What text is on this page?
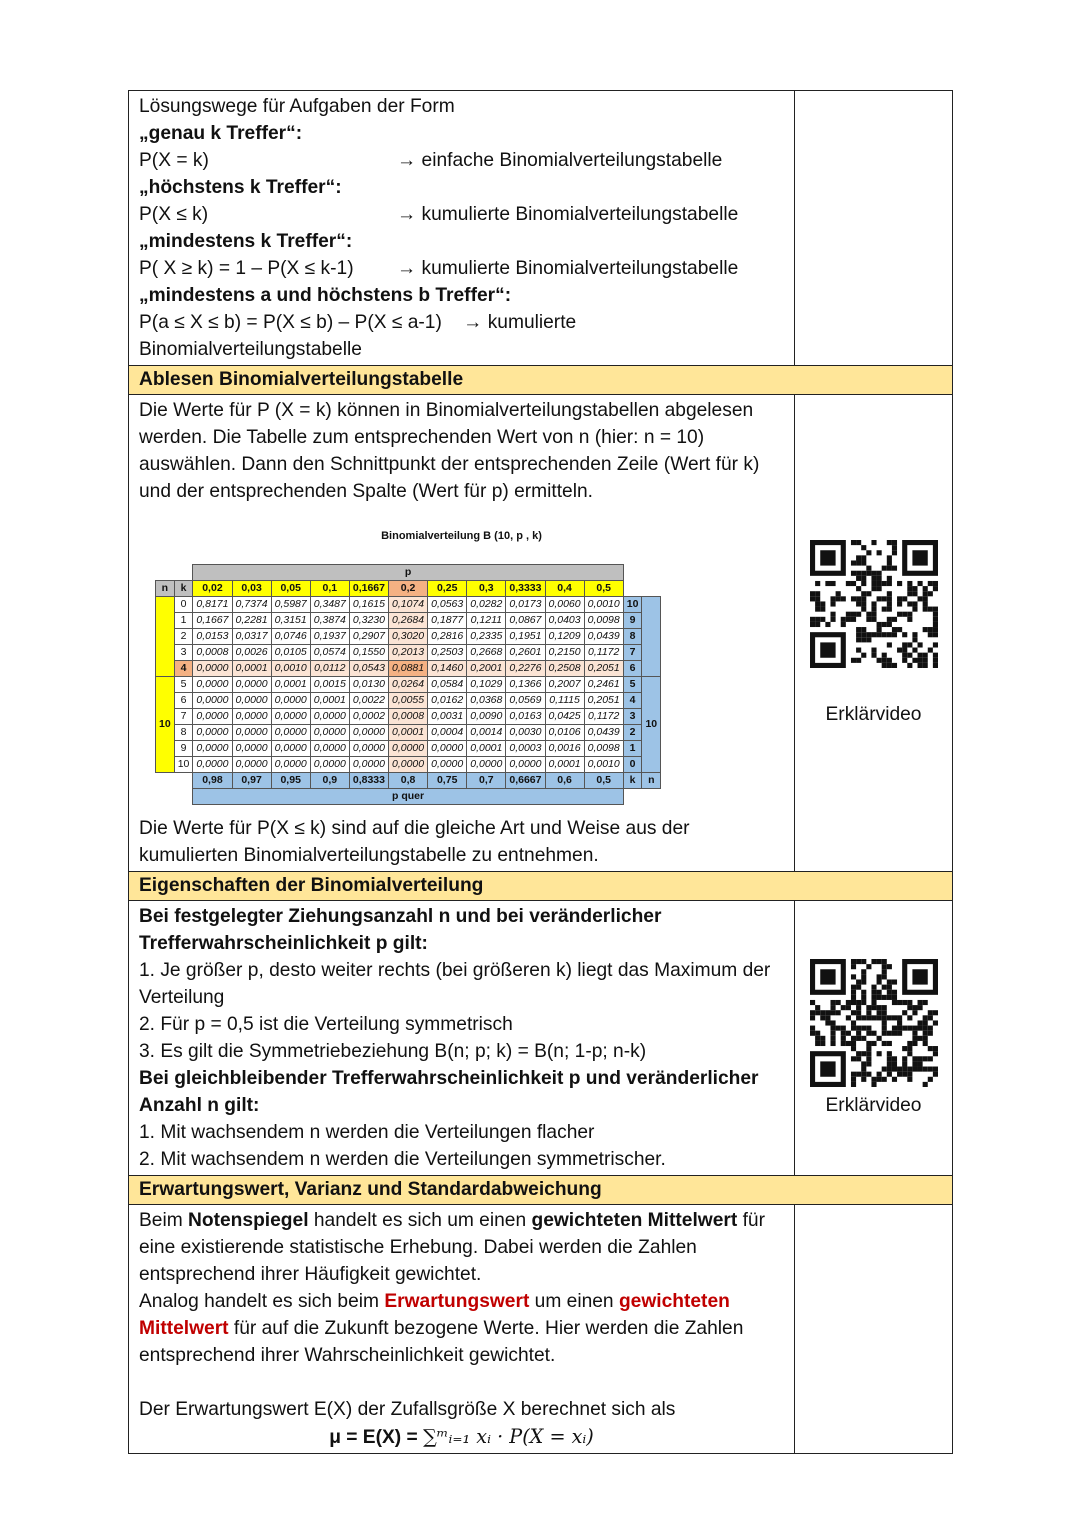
Lösungswege für Aufgaben der Form
„genau k Treffer“:
P(X = k)	→ einfache Binomialverteilungstabelle
„höchstens k Treffer“:
P(X ≤ k)	→ kumulierte Binomialverteilungstabelle
„mindestens k Treffer“:
P( X ≥ k) = 1 – P(X ≤ k-1) → kumulierte Binomialverteilungstabelle
„mindestens a und höchstens b Treffer“:
P(a ≤ X ≤ b) = P(X ≤ b) – P(X ≤ a-1) → kumulierte
Binomialverteilungstabelle
Ablesen Binomialverteilungstabelle
Die Werte für P (X = k) können in Binomialverteilungstabellen abgelesen werden. Die Tabelle zum entsprechenden Wert von n (hier: n = 10) auswählen. Dann den Schnittpunkt der entsprechenden Zeile (Wert für k) und der entsprechenden Spalte (Wert für p) ermitteln.
Binomialverteilung B (10, p , k)
		p												
n	k	0,02	0,03	0,05	0,1	0,1667	0,2	0,25	0,3	0,3333	0,4	0,5		
	0	0,8171	0,7374	0,5987	0,3487	0,1615	0,1074	0,0563	0,0282	0,0173	0,0060	0,0010	10	
	1	0,1667	0,2281	0,3151	0,3874	0,3230	0,2684	0,1877	0,1211	0,0867	0,0403	0,0098	9	
	2	0,0153	0,0317	0,0746	0,1937	0,2907	0,3020	0,2816	0,2335	0,1951	0,1209	0,0439	8	
	3	0,0008	0,0026	0,0105	0,0574	0,1550	0,2013	0,2503	0,2668	0,2601	0,2150	0,1172	7	
	4	0,0000	0,0001	0,0010	0,0112	0,0543	0,0881	0,1460	0,2001	0,2276	0,2508	0,2051	6	
10	5	0,0000	0,0000	0,0001	0,0015	0,0130	0,0264	0,0584	0,1029	0,1366	0,2007	0,2461	5	10
	6	0,0000	0,0000	0,0000	0,0001	0,0022	0,0055	0,0162	0,0368	0,0569	0,1115	0,2051	4	
	7	0,0000	0,0000	0,0000	0,0000	0,0002	0,0008	0,0031	0,0090	0,0163	0,0425	0,1172	3	
	8	0,0000	0,0000	0,0000	0,0000	0,0000	0,0001	0,0004	0,0014	0,0030	0,0106	0,0439	2	
	9	0,0000	0,0000	0,0000	0,0000	0,0000	0,0000	0,0000	0,0001	0,0003	0,0016	0,0098	1	
	10	0,0000	0,0000	0,0000	0,0000	0,0000	0,0000	0,0000	0,0000	0,0000	0,0001	0,0010	0	
		0,98	0,97	0,95	0,9	0,8333	0,8	0,75	0,7	0,6667	0,6	0,5	k	n
		p quer												
Die Werte für P(X ≤ k) sind auf die gleiche Art und Weise aus der kumulierten Binomialverteilungstabelle zu entnehmen.
Erklärvideo
Eigenschaften der Binomialverteilung
Bei festgelegter Ziehungsanzahl n und bei veränderlicher Trefferwahrscheinlichkeit p gilt:
1. Je größer p, desto weiter rechts (bei größeren k) liegt das Maximum der Verteilung
2. Für p = 0,5 ist die Verteilung symmetrisch
3. Es gilt die Symmetriebeziehung B(n; p; k) = B(n; 1-p; n-k)
Bei gleichbleibender Trefferwahrscheinlichkeit p und veränderlicher Anzahl n gilt:
1. Mit wachsendem n werden die Verteilungen flacher
2. Mit wachsendem n werden die Verteilungen symmetrischer.
Erklärvideo
Erwartungswert, Varianz und Standardabweichung
Beim Notenspiegel handelt es sich um einen gewichteten Mittelwert für eine existierende statistische Erhebung. Dabei werden die Zahlen entsprechend ihrer Häufigkeit gewichtet.
Analog handelt es sich beim Erwartungswert um einen gewichteten Mittelwert für auf die Zukunft bezogene Werte. Hier werden die Zahlen entsprechend ihrer Wahrscheinlichkeit gewichtet.
Der Erwartungswert E(X) der Zufallsgröße X berechnet sich als
μ = E(X) = ∑ᵐᵢ₌₁ xᵢ · P(X = xᵢ)
